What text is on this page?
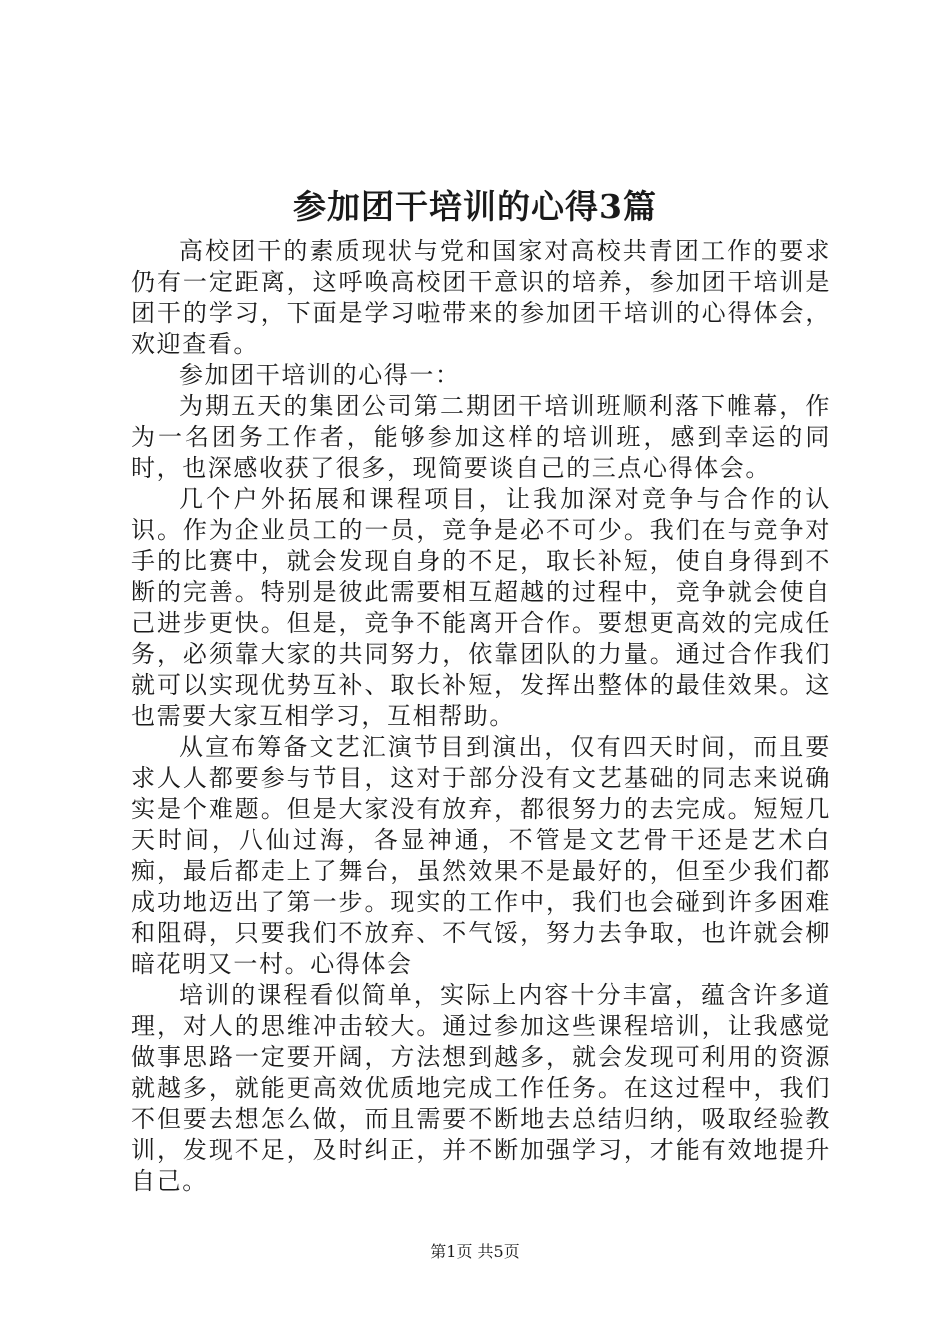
参加团干培训的心得3篇

高校团干的素质现状与党和国家对高校共青团工作的要求仍有一定距离，这呼唤高校团干意识的培养，参加团干培训是团干的学习，下面是学习啦带来的参加团干培训的心得体会，欢迎查看。

参加团干培训的心得一：

为期五天的集团公司第二期团干培训班顺利落下帷幕，作为一名团务工作者，能够参加这样的培训班，感到幸运的同时，也深感收获了很多，现简要谈自己的三点心得体会。

几个户外拓展和课程项目，让我加深对竞争与合作的认识。作为企业员工的一员，竞争是必不可少。我们在与竞争对手的比赛中，就会发现自身的不足，取长补短，使自身得到不断的完善。特别是彼此需要相互超越的过程中，竞争就会使自己进步更快。但是，竞争不能离开合作。要想更高效的完成任务，必须靠大家的共同努力，依靠团队的力量。通过合作我们就可以实现优势互补、取长补短，发挥出整体的最佳效果。这也需要大家互相学习，互相帮助。

从宣布筹备文艺汇演节目到演出，仅有四天时间，而且要求人人都要参与节目，这对于部分没有文艺基础的同志来说确实是个难题。但是大家没有放弃，都很努力的去完成。短短几天时间，八仙过海，各显神通，不管是文艺骨干还是艺术白痴，最后都走上了舞台，虽然效果不是最好的，但至少我们都成功地迈出了第一步。现实的工作中，我们也会碰到许多困难和阻碍，只要我们不放弃、不气馁，努力去争取，也许就会柳暗花明又一村。心得体会

培训的课程看似简单，实际上内容十分丰富，蕴含许多道理，对人的思维冲击较大。通过参加这些课程培训，让我感觉做事思路一定要开阔，方法想到越多，就会发现可利用的资源就越多，就能更高效优质地完成工作任务。在这过程中，我们不但要去想怎么做，而且需要不断地去总结归纳，吸取经验教训，发现不足，及时纠正，并不断加强学习，才能有效地提升自己。

第1页 共5页
